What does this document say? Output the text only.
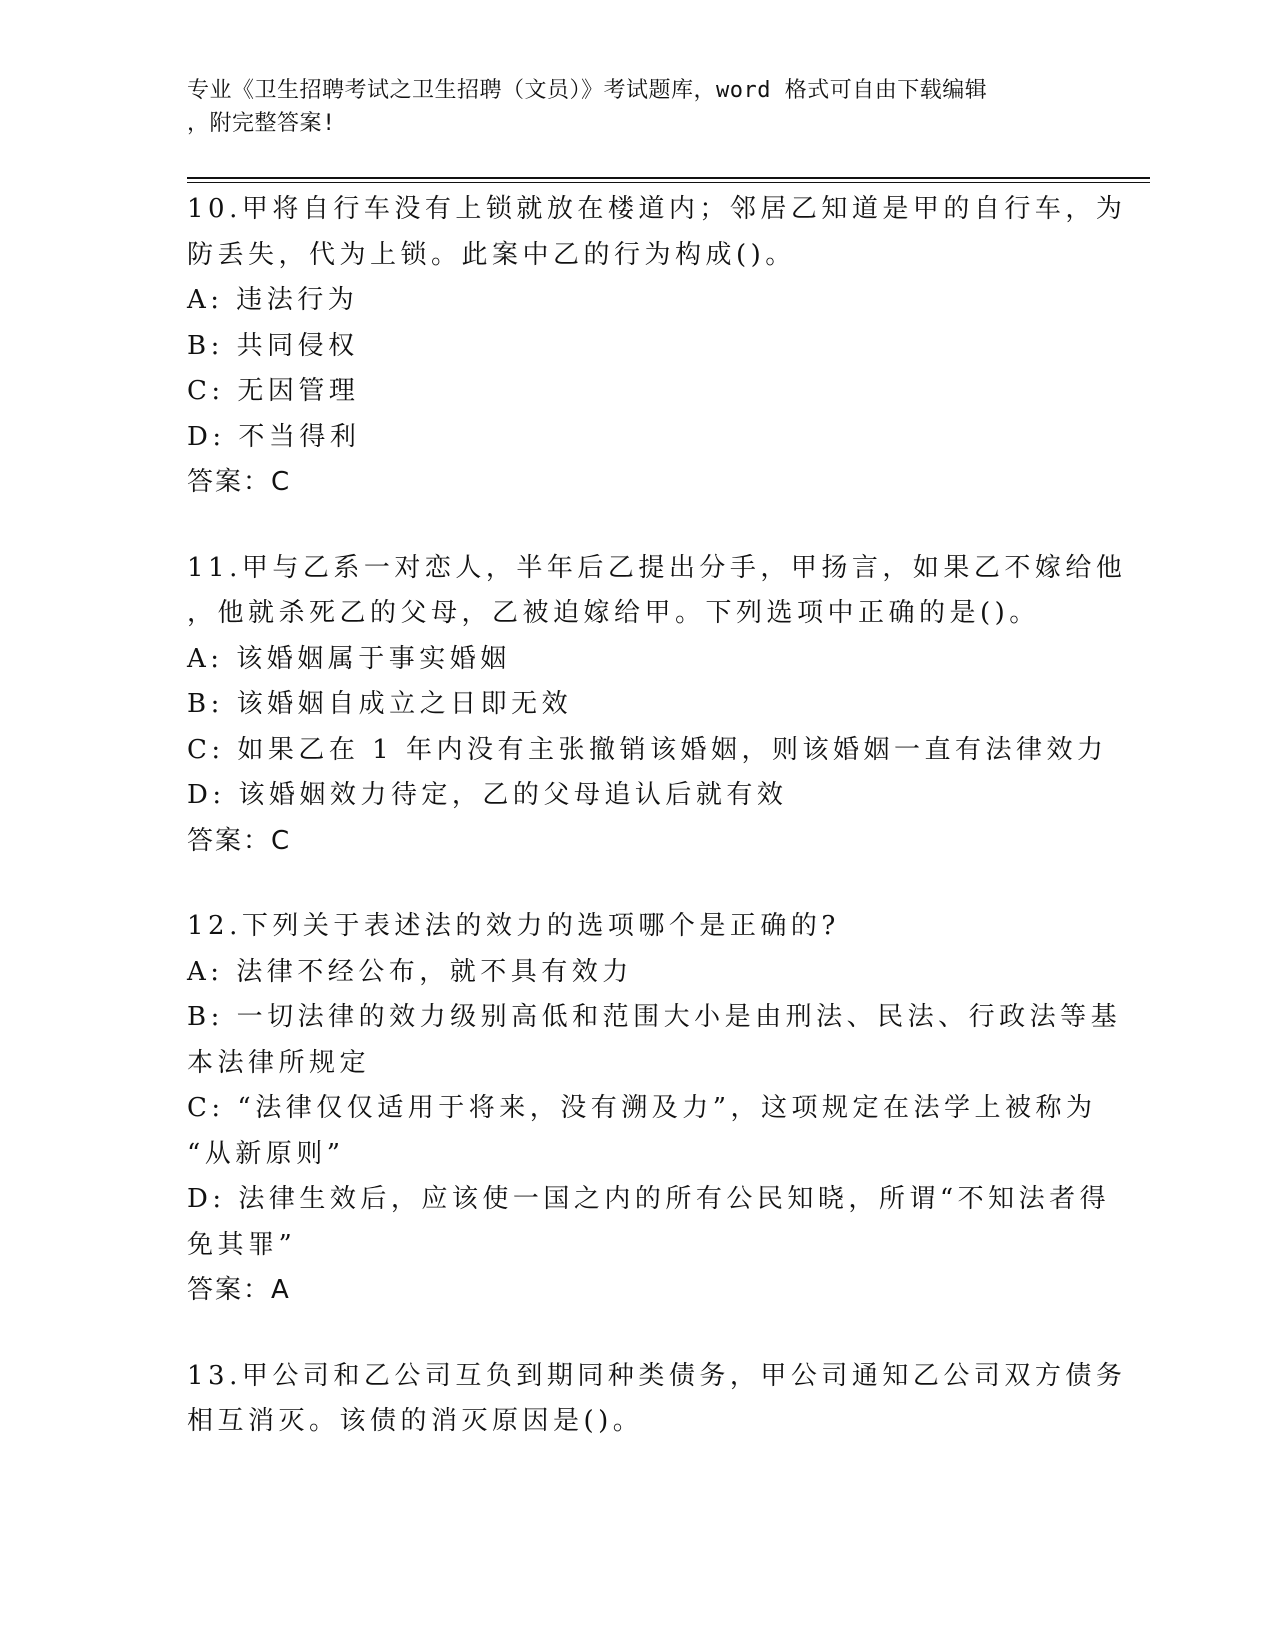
专业《卫生招聘考试之卫生招聘（文员）》考试题库，word 格式可自由下载编辑
，附完整答案!
10.甲将自行车没有上锁就放在楼道内；邻居乙知道是甲的自行车，为
防丢失，代为上锁。此案中乙的行为构成()。
A: 违法行为
B: 共同侵权
C: 无因管理
D: 不当得利
答案：C
11.甲与乙系一对恋人，半年后乙提出分手，甲扬言，如果乙不嫁给他
，他就杀死乙的父母，乙被迫嫁给甲。下列选项中正确的是()。
A: 该婚姻属于事实婚姻
B: 该婚姻自成立之日即无效
C: 如果乙在 1 年内没有主张撤销该婚姻，则该婚姻一直有法律效力
D: 该婚姻效力待定，乙的父母追认后就有效
答案：C
12.下列关于表述法的效力的选项哪个是正确的?
A: 法律不经公布，就不具有效力
B: 一切法律的效力级别高低和范围大小是由刑法、民法、行政法等基
本法律所规定
C: “法律仅仅适用于将来，没有溯及力”，这项规定在法学上被称为
“从新原则”
D: 法律生效后，应该使一国之内的所有公民知晓，所谓“不知法者得
免其罪”
答案：A
13.甲公司和乙公司互负到期同种类债务，甲公司通知乙公司双方债务
相互消灭。该债的消灭原因是()。
